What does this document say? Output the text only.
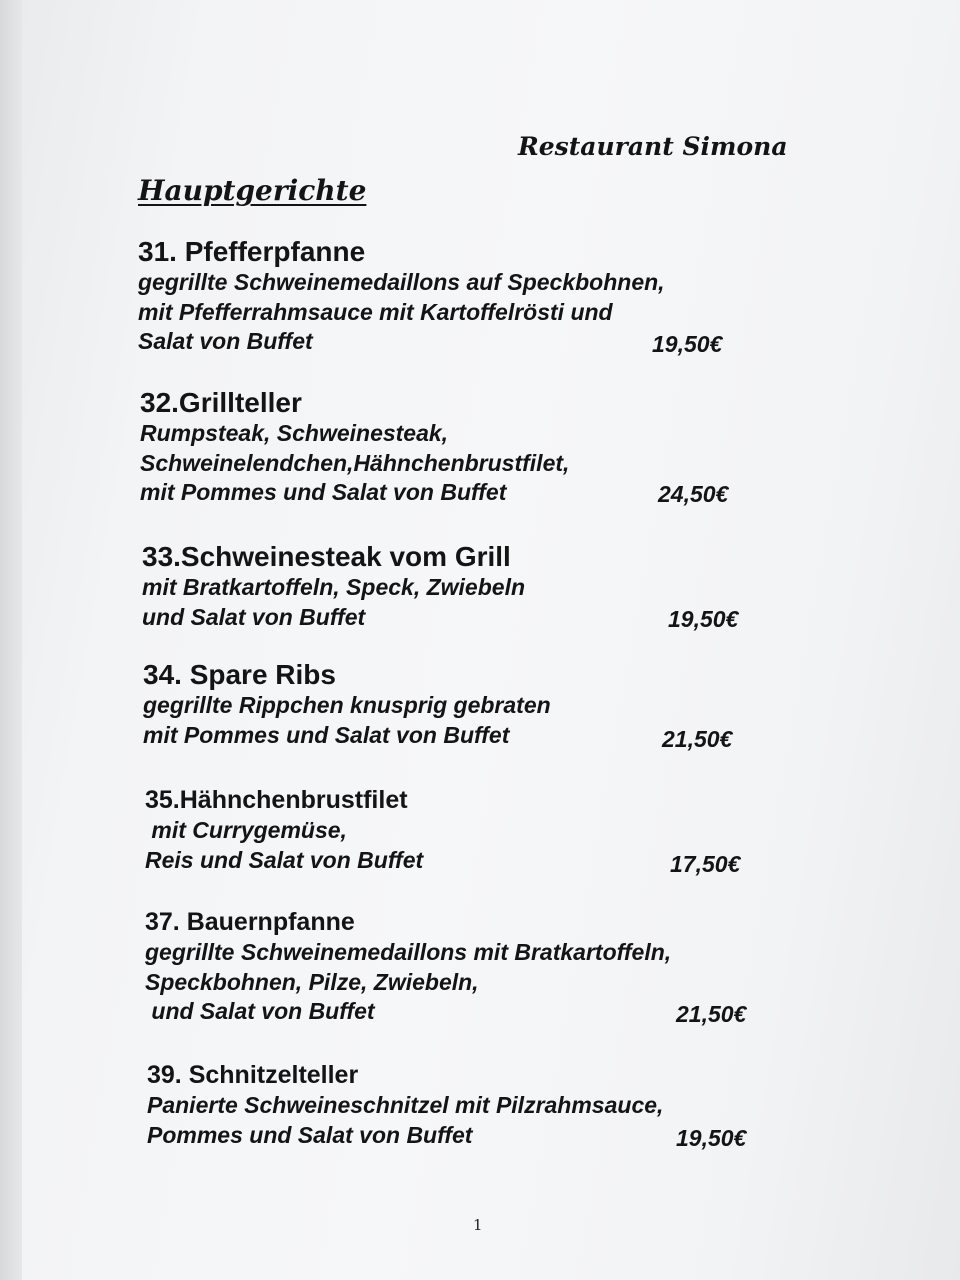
Restaurant Simona
Hauptgerichte
31. Pfefferpfanne
gegrillte Schweinemedaillons auf Speckbohnen,
mit Pfefferrahmsauce mit Kartoffelrösti und
Salat von Buffet	19,50€
32.Grillteller
Rumpsteak, Schweinesteak,
Schweinelendchen,Hähnchenbrustfilet,
mit Pommes und Salat von Buffet	24,50€
33.Schweinesteak vom Grill
mit Bratkartoffeln, Speck, Zwiebeln
und Salat von Buffet	19,50€
34. Spare Ribs
gegrillte Rippchen knusprig gebraten
mit Pommes und Salat von Buffet	21,50€
35.Hähnchenbrustfilet
mit Currygemüse,
Reis und Salat von Buffet	17,50€
37. Bauernpfanne
gegrillte Schweinemedaillons mit Bratkartoffeln,
Speckbohnen, Pilze, Zwiebeln,
und Salat von Buffet	21,50€
39. Schnitzelteller
Panierte Schweineschnitzel mit Pilzrahmsauce,
Pommes und Salat von Buffet	19,50€
1
